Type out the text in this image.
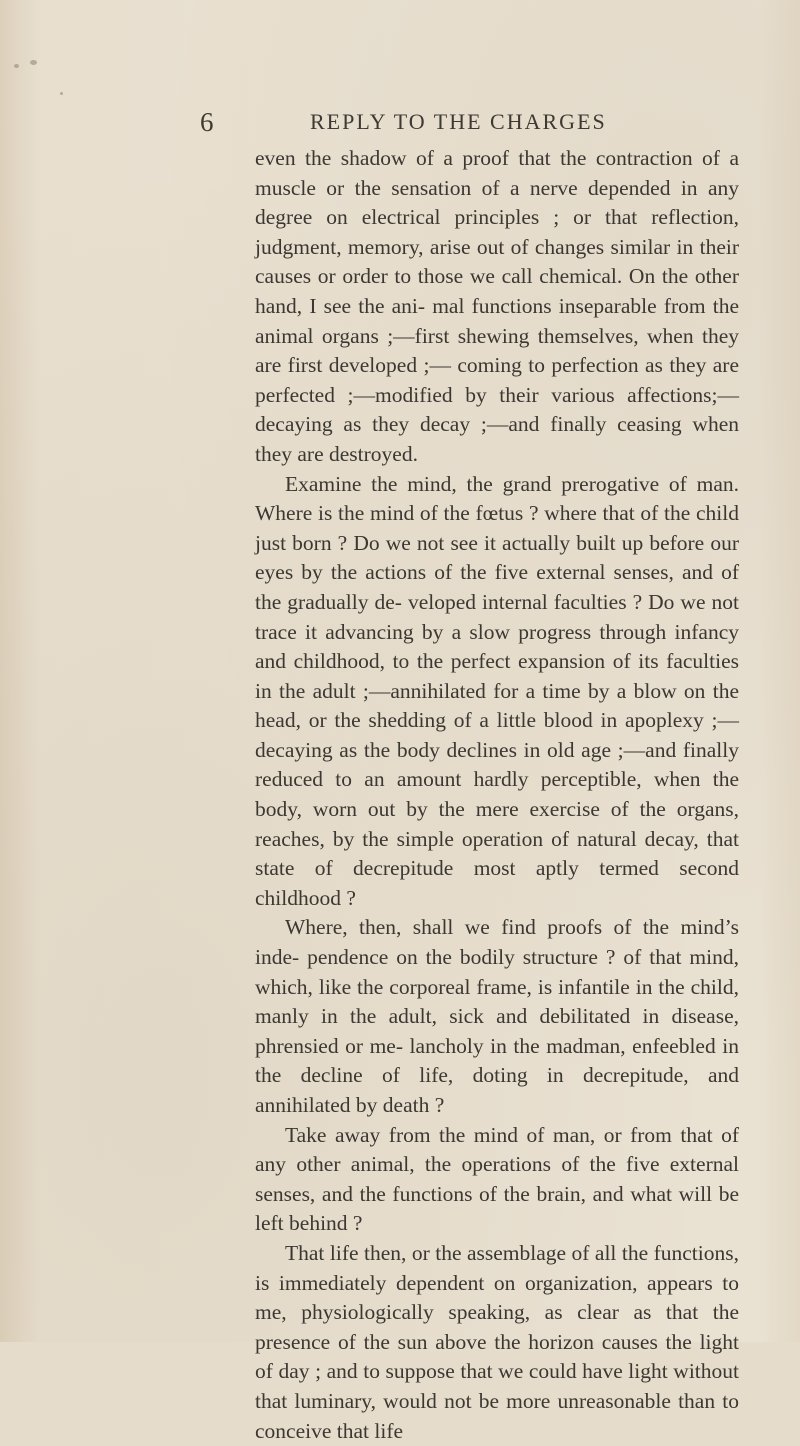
6	REPLY TO THE CHARGES

even the shadow of a proof that the contraction of a muscle or the sensation of a nerve depended in any degree on electrical principles ; or that reflection, judgment, memory, arise out of changes similar in their causes or order to those we call chemical. On the other hand, I see the ani- mal functions inseparable from the animal organs ;—first shewing themselves, when they are first developed ;— coming to perfection as they are perfected ;—modified by their various affections;—decaying as they decay ;—and finally ceasing when they are destroyed.

Examine the mind, the grand prerogative of man. Where is the mind of the fœtus ? where that of the child just born ? Do we not see it actually built up before our eyes by the actions of the five external senses, and of the gradually de- veloped internal faculties ? Do we not trace it advancing by a slow progress through infancy and childhood, to the perfect expansion of its faculties in the adult ;—annihilated for a time by a blow on the head, or the shedding of a little blood in apoplexy ;—decaying as the body declines in old age ;—and finally reduced to an amount hardly perceptible, when the body, worn out by the mere exercise of the organs, reaches, by the simple operation of natural decay, that state of decrepitude most aptly termed second childhood ?

Where, then, shall we find proofs of the mind’s inde- pendence on the bodily structure ? of that mind, which, like the corporeal frame, is infantile in the child, manly in the adult, sick and debilitated in disease, phrensied or me- lancholy in the madman, enfeebled in the decline of life, doting in decrepitude, and annihilated by death ?

Take away from the mind of man, or from that of any other animal, the operations of the five external senses, and the functions of the brain, and what will be left behind ?

That life then, or the assemblage of all the functions, is immediately dependent on organization, appears to me, physiologically speaking, as clear as that the presence of the sun above the horizon causes the light of day ; and to suppose that we could have light without that luminary, would not be more unreasonable than to conceive that life
